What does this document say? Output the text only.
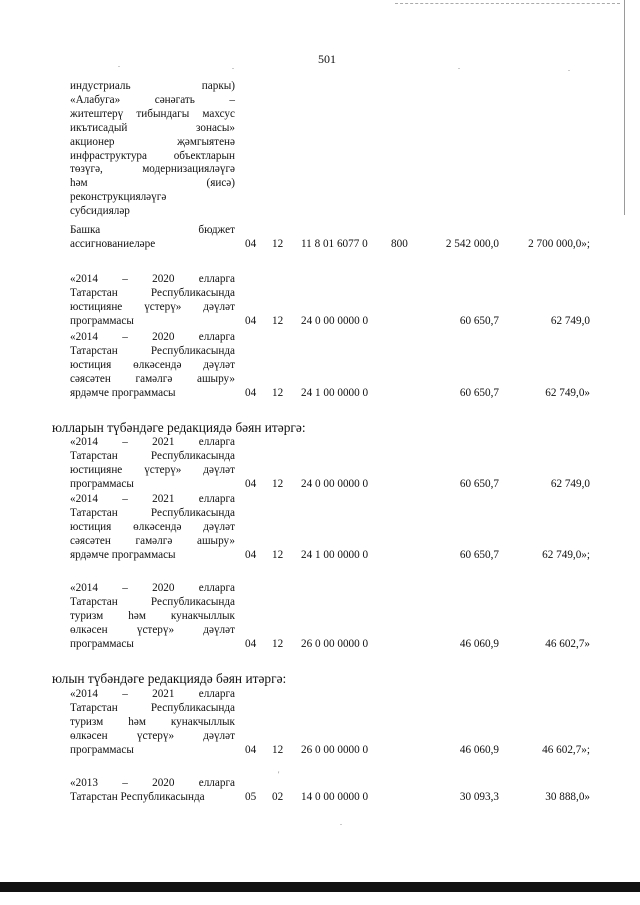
501
.	.	.	.
индустриаль паркы)
«Алабуга» сәнәгать –
житештерү тибындагы махсус
икътисадый зонасы»
акционер җәмгыятенә
инфраструктура объектларын
төзүгә, модернизацияләүгә
һәм (яисә)
реконструкцияләүгә
субсидияләр
Башка бюджет
ассигнованиеләре	04 12 11 8 01 6077 0 800	2 542 000,0	2 700 000,0»;
«2014 – 2020 елларга
Татарстан Республикасында
юстицияне үстерү» дәүләт
программасы	04 12 24 0 00 0000 0	60 650,7	62 749,0
«2014 – 2020 елларга
Татарстан Республикасында
юстиция өлкәсендә дәүләт
сәясәтен гамәлгә ашыру»
ярдәмче программасы	04 12 24 1 00 0000 0	60 650,7	62 749,0»
юлларын түбәндәге редакциядә бәян итәргә:
«2014 – 2021 елларга
Татарстан Республикасында
юстицияне үстерү» дәүләт
программасы	04 12 24 0 00 0000 0	60 650,7	62 749,0
«2014 – 2021 елларга
Татарстан Республикасында
юстиция өлкәсендә дәүләт
сәясәтен гамәлгә ашыру»
ярдәмче программасы	04 12 24 1 00 0000 0	60 650,7	62 749,0»;
«2014 – 2020 елларга
Татарстан Республикасында
туризм һәм кунакчыллык
өлкәсен үстерү» дәүләт
программасы	04 12 26 0 00 0000 0	46 060,9	46 602,7»
юлын түбәндәге редакциядә бәян итәргә:
«2014 – 2021 елларга
Татарстан Республикасында
туризм һәм кунакчыллык
өлкәсен үстерү» дәүләт
программасы	04 12 26 0 00 0000 0	46 060,9	46 602,7»;
'
«2013 – 2020 елларга
Татарстан Республикасында	05 02 14 0 00 0000 0	30 093,3	30 888,0»
.
